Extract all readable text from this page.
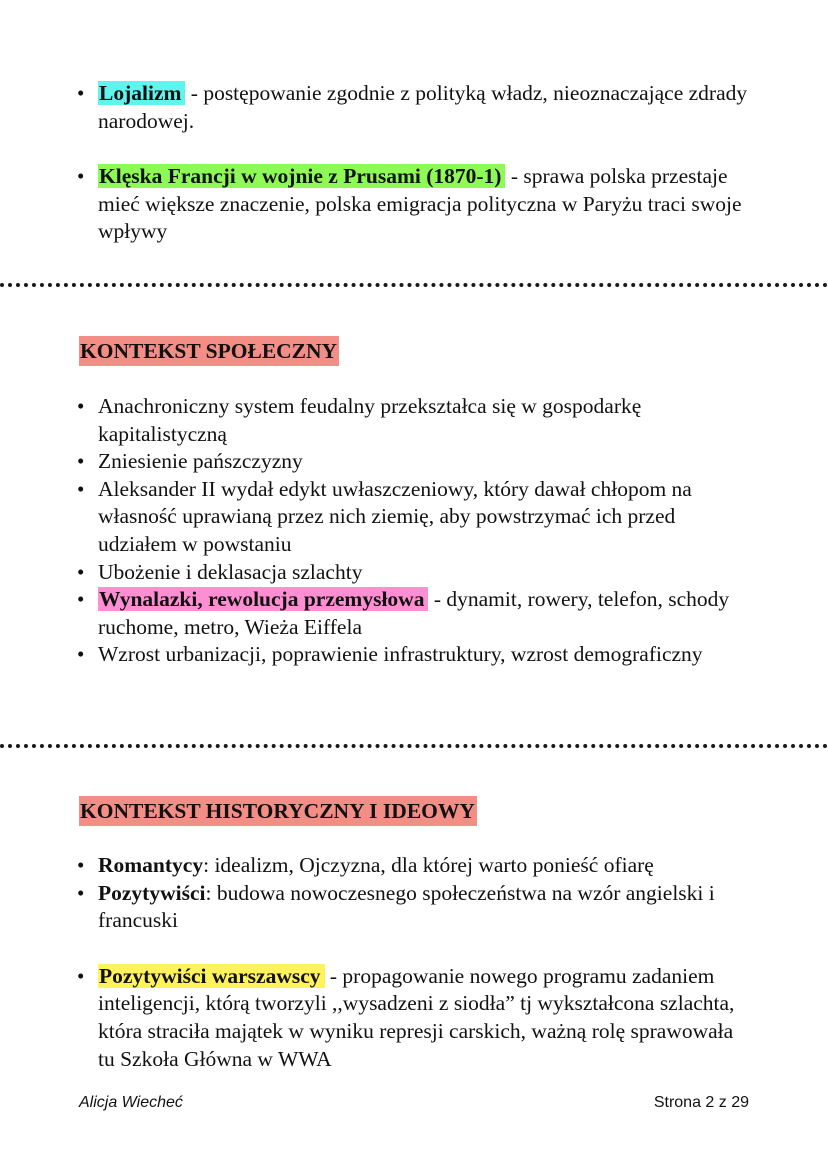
• Lojalizm - postępowanie zgodnie z polityką władz, nieoznaczające zdrady narodowej.
• Klęska Francji w wojnie z Prusami (1870-1) - sprawa polska przestaje mieć większe znaczenie, polska emigracja polityczna w Paryżu traci swoje wpływy
KONTEKST SPOŁECZNY
• Anachroniczny system feudalny przekształca się w gospodarkę kapitalistyczną
• Zniesienie pańszczyzny
• Aleksander II wydał edykt uwłaszczeniowy, który dawał chłopom na własność uprawianą przez nich ziemię, aby powstrzymać ich przed udziałem w powstaniu
• Ubożenie i deklasacja szlachty
• Wynalazki, rewolucja przemysłowa - dynamit, rowery, telefon, schody ruchome, metro, Wieża Eiffela
• Wzrost urbanizacji, poprawienie infrastruktury, wzrost demograficzny
KONTEKST HISTORYCZNY I IDEOWY
• Romantycy: idealizm, Ojczyzna, dla której warto ponieść ofiarę
• Pozytywiści: budowa nowoczesnego społeczeństwa na wzór angielski i francuski
• Pozytywiści warszawscy - propagowanie nowego programu zadaniem inteligencji, którą tworzyli ,,wysadzeni z siodła” tj wykształcona szlachta, która straciła majątek w wyniku represji carskich, ważną rolę sprawowała tu Szkoła Główna w WWA
Alicja Wiecheć	Strona 2 z 29
